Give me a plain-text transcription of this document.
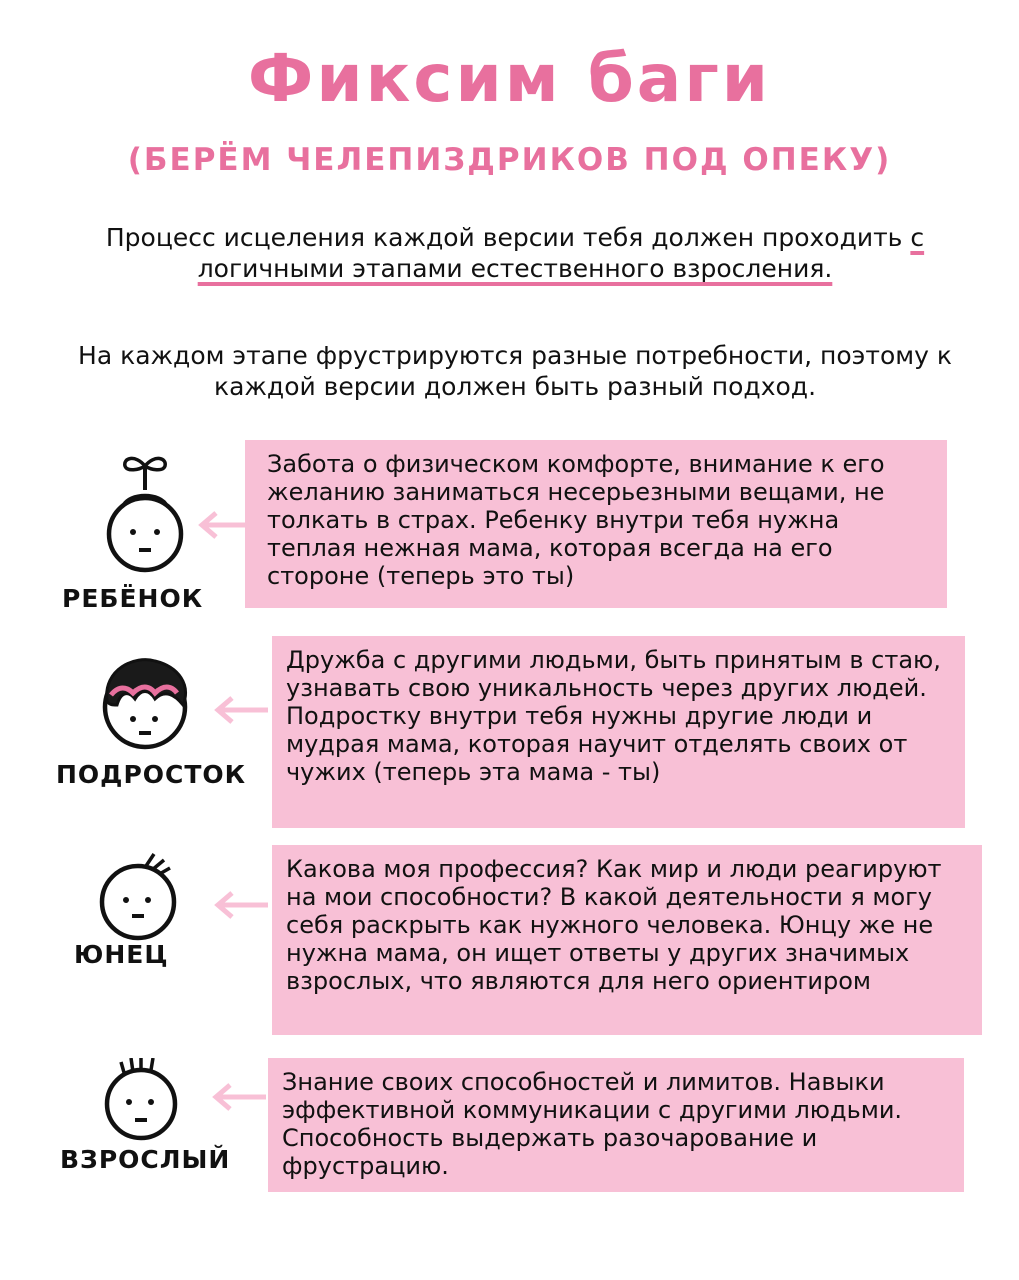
Фиксим баги
(БЕРЁМ ЧЕЛЕПИЗДРИКОВ ПОД ОПЕКУ)
Процесс исцеления каждой версии тебя должен проходить с логичными этапами естественного взросления.
На каждом этапе фрустрируются разные потребности, поэтому к каждой версии должен быть разный подход.
РЕБЁНОК
Забота о физическом комфорте, внимание к его желанию заниматься несерьезными вещами, не толкать в страх. Ребенку внутри тебя нужна теплая нежная мама, которая всегда на его стороне (теперь это ты)
ПОДРОСТОК
Дружба с другими людьми, быть принятым в стаю, узнавать свою уникальность через других людей. Подростку внутри тебя нужны другие люди и мудрая мама, которая научит отделять своих от чужих (теперь эта мама - ты)
ЮНЕЦ
Какова моя профессия? Как мир и люди реагируют на мои способности? В какой деятельности я могу себя раскрыть как нужного человека. Юнцу же не нужна мама, он ищет ответы у других значимых взрослых, что являются для него ориентиром
ВЗРОСЛЫЙ
Знание своих способностей и лимитов. Навыки эффективной коммуникации с другими людьми. Способность выдержать разочарование и фрустрацию.
